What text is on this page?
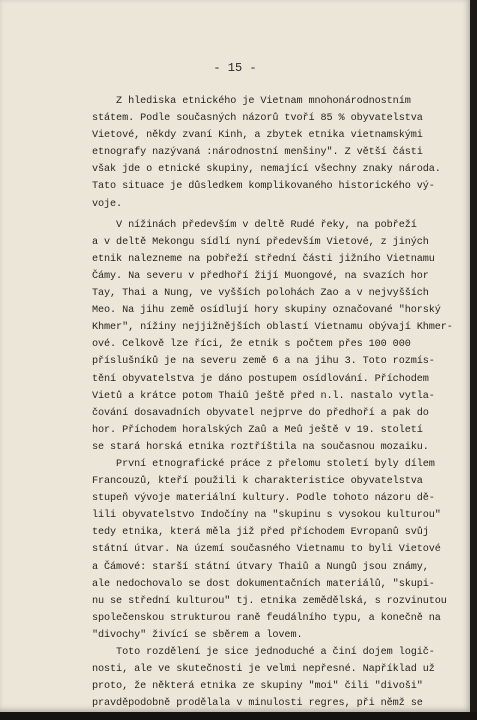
- 15 -

Z hlediska etnického je Vietnam mnohonárodnostním
státem. Podle současných názorů tvoří 85 % obyvatelstva
Vietové, někdy zvaní Kinh, a zbytek etnika vietnamskými
etnografy nazývaná :národnostní menšiny". Z větší části
však jde o etnické skupiny, nemající všechny znaky národa.
Tato situace je důsledkem komplikovaného historického vý-
voje.

V nížinách především v deltě Rudé řeky, na pobřeží
a v deltě Mekongu sídlí nyní především Vietové, z jiných
etnik nalezneme na pobřeží střední části jižního Vietnamu
Čámy. Na severu v předhoří žijí Muongové, na svazích hor
Tay, Thai a Nung, ve vyšších polohách Zao a v nejvyšších
Meo. Na jihu země osídlují hory skupiny označované "horský
Khmer", nížiny nejjižnějších oblastí Vietnamu obývají Khmer-
ové. Celkově lze říci, že etnik s počtem přes 100 000
příslušníků je na severu země 6 a na jihu 3. Toto rozmís-
tění obyvatelstva je dáno postupem osídlování. Příchodem
Vietů a krátce potom Thaiů ještě před n.l. nastalo vytla-
čování dosavadních obyvatel nejprve do předhoří a pak do
hor. Příchodem horalských Zaů a Meů ještě v 19. století
se stará horská etnika roztříštila na současnou mozaiku.

První etnografické práce z přelomu století byly dílem
Francouzů, kteří použili k charakteristice obyvatelstva
stupeň vývoje materiální kultury. Podle tohoto názoru dě-
lili obyvatelstvo Indočíny na "skupinu s vysokou kulturou"
tedy etnika, která měla již před příchodem Evropanů svůj
státní útvar. Na území současného Vietnamu to byli Vietové
a Čámové: starší státní útvary Thaiů a Nungů jsou známy,
ale nedochovalo se dost dokumentačních materiálů, "skupi-
nu se střední kulturou" tj. etnika zemědělská, s rozvinutou
společenskou strukturou raně feudálního typu, a konečně na
"divochy" živící se sběrem a lovem.

Toto rozdělení je sice jednoduché a činí dojem logič-
nosti, ale ve skutečnosti je velmi nepřesné. Například už
proto, že některá etnika ze skupiny "moi" čili "divoši"
pravděpodobně prodělala v minulosti regres, při němž se
